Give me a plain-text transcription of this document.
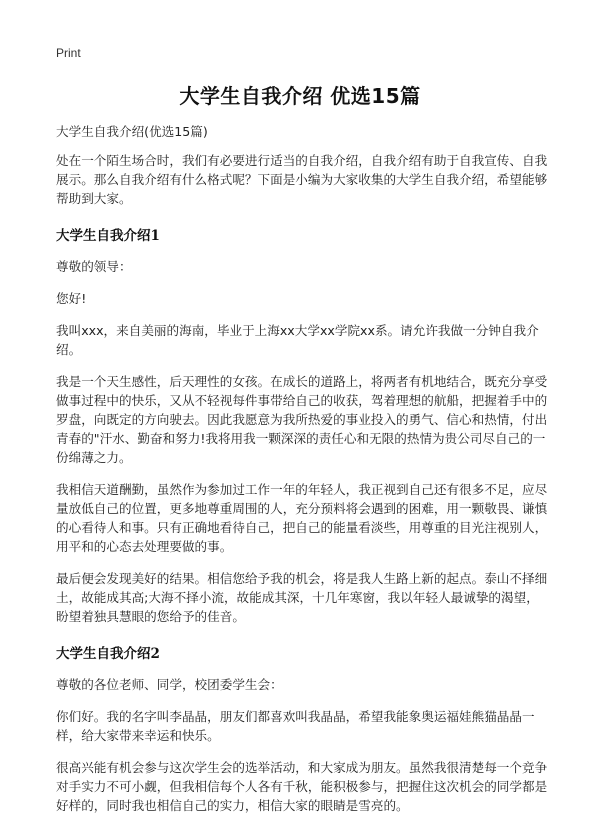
Print
大学生自我介绍 优选15篇

大学生自我介绍(优选15篇)

处在一个陌生场合时，我们有必要进行适当的自我介绍，自我介绍有助于自我宣传、自我展示。那么自我介绍有什么格式呢？下面是小编为大家收集的大学生自我介绍，希望能够帮助到大家。

大学生自我介绍1

尊敬的领导：

您好!

我叫xxx，来自美丽的海南，毕业于上海xx大学xx学院xx系。请允许我做一分钟自我介绍。

我是一个天生感性，后天理性的女孩。在成长的道路上，将两者有机地结合，既充分享受做事过程中的快乐，又从不轻视每件事带给自己的收获，驾着理想的航船，把握着手中的罗盘，向既定的方向驶去。因此我愿意为我所热爱的事业投入的勇气、信心和热情，付出青春的"汗水、勤奋和努力!我将用我一颗深深的责任心和无限的热情为贵公司尽自己的一份绵薄之力。

我相信天道酬勤，虽然作为参加过工作一年的年轻人，我正视到自己还有很多不足，应尽量放低自己的位置，更多地尊重周围的人，充分预料将会遇到的困难，用一颗敬畏、谦慎的心看待人和事。只有正确地看待自己，把自己的能量看淡些，用尊重的目光注视别人，用平和的心态去处理要做的事。

最后便会发现美好的结果。相信您给予我的机会，将是我人生路上新的起点。泰山不择细土，故能成其高;大海不择小流，故能成其深，十几年寒窗，我以年轻人最诚挚的渴望，盼望着独具慧眼的您给予的佳音。

大学生自我介绍2

尊敬的各位老师、同学，校团委学生会：

你们好。我的名字叫李晶晶，朋友们都喜欢叫我晶晶，希望我能象奥运福娃熊猫晶晶一样，给大家带来幸运和快乐。

很高兴能有机会参与这次学生会的选举活动，和大家成为朋友。虽然我很清楚每一个竞争对手实力不可小觑，但我相信每个人各有千秋，能积极参与，把握住这次机会的同学都是好样的，同时我也相信自己的实力，相信大家的眼睛是雪亮的。
